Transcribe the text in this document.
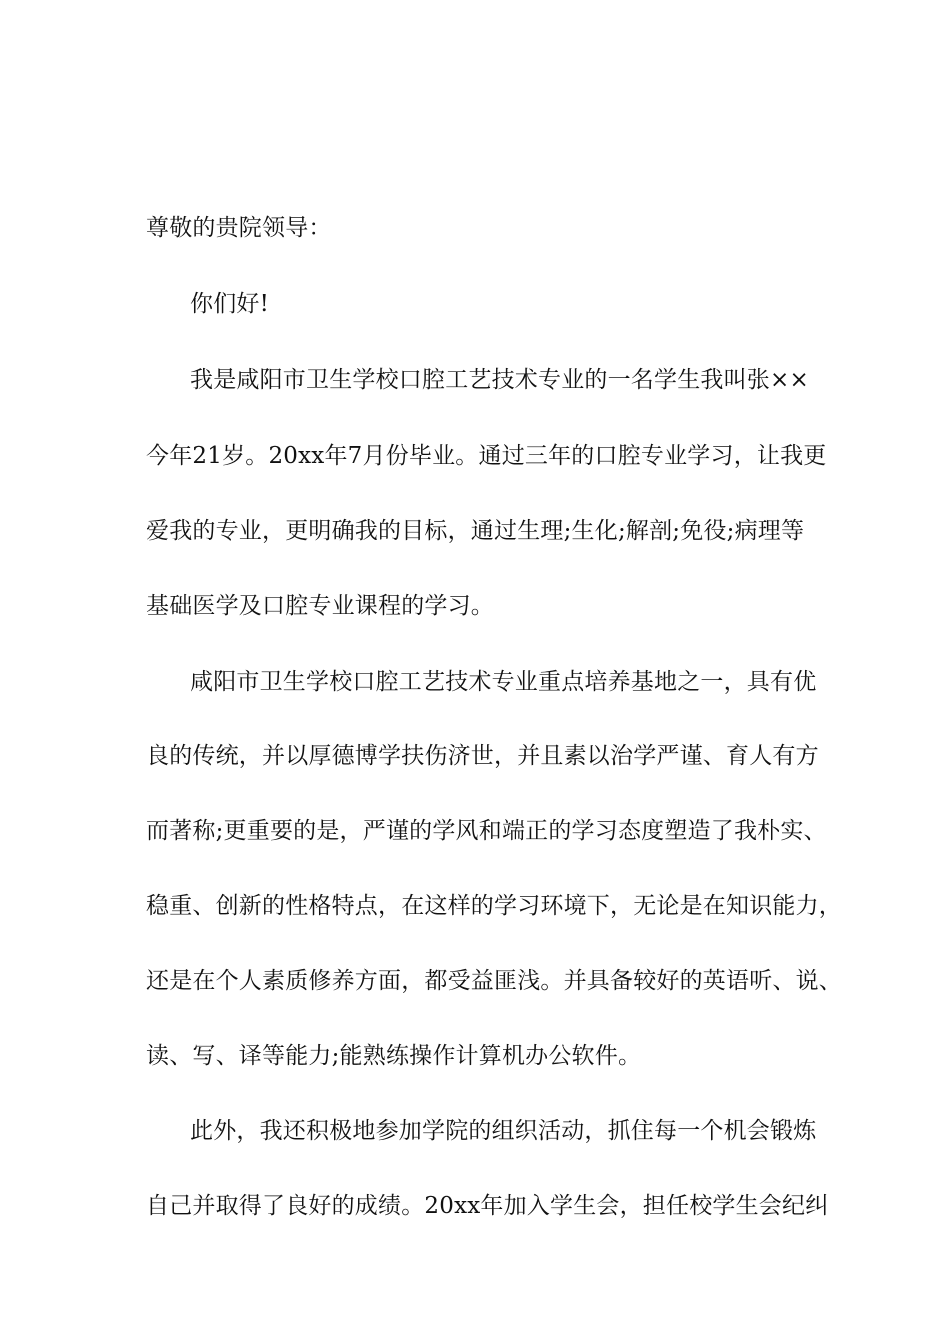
尊敬的贵院领导：
你们好!
我是咸阳市卫生学校口腔工艺技术专业的一名学生我叫张××
今年21岁。20xx年7月份毕业。通过三年的口腔专业学习，让我更
爱我的专业，更明确我的目标，通过生理;生化;解剖;免役;病理等
基础医学及口腔专业课程的学习。
咸阳市卫生学校口腔工艺技术专业重点培养基地之一，具有优
良的传统，并以厚德博学扶伤济世，并且素以治学严谨、育人有方
而著称;更重要的是，严谨的学风和端正的学习态度塑造了我朴实、
稳重、创新的性格特点，在这样的学习环境下，无论是在知识能力，
还是在个人素质修养方面，都受益匪浅。并具备较好的英语听、说、
读、写、译等能力;能熟练操作计算机办公软件。
此外，我还积极地参加学院的组织活动，抓住每一个机会锻炼
自己并取得了良好的成绩。20xx年加入学生会，担任校学生会纪纠
